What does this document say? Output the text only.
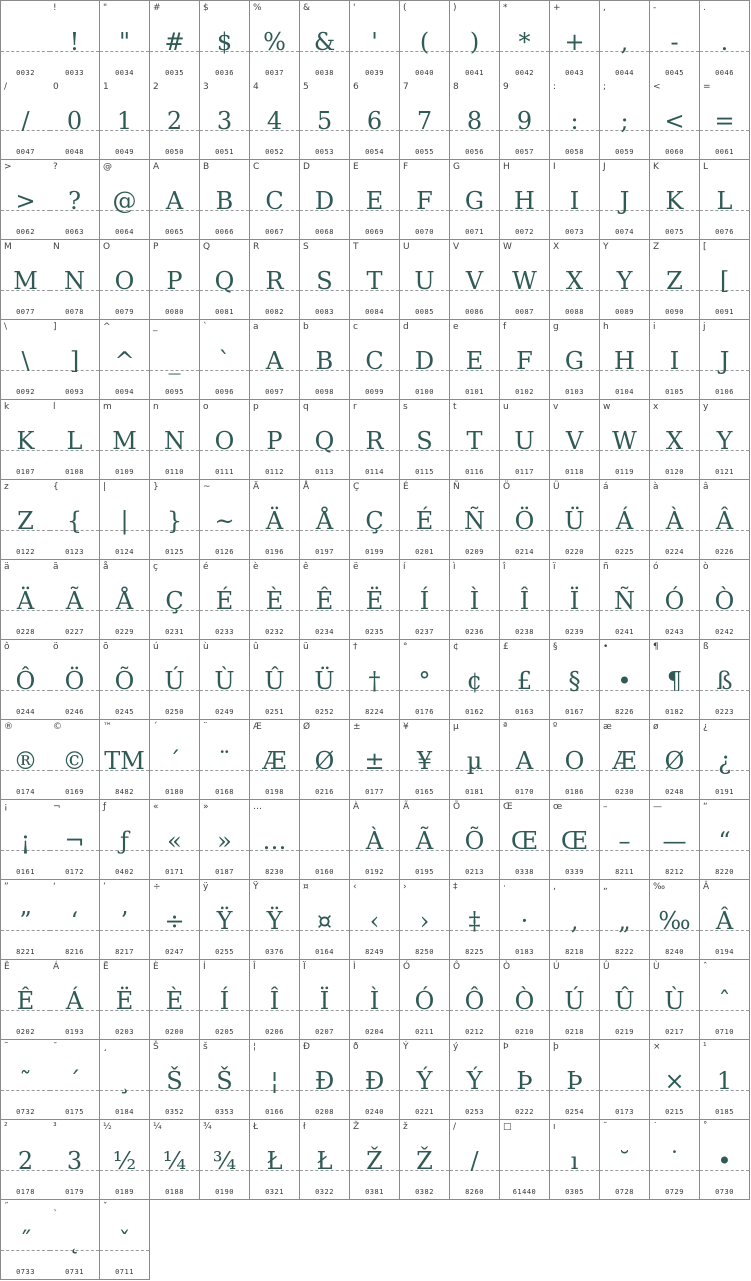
0032
!
!
0033
"
"
0034
#
#
0035
$
$
0036
%
%
0037
&
&
0038
'
'
0039
(
(
0040
)
)
0041
*
*
0042
+
+
0043
,
,
0044
-
-
0045
.
.
0046
/
/
0047
0
0
0048
1
1
0049
2
2
0050
3
3
0051
4
4
0052
5
5
0053
6
6
0054
7
7
0055
8
8
0056
9
9
0057
:
:
0058
;
;
0059
<
<
0060
=
=
0061
>
>
0062
?
?
0063
@
@
0064
A
A
0065
B
B
0066
C
C
0067
D
D
0068
E
E
0069
F
F
0070
G
G
0071
H
H
0072
I
I
0073
J
J
0074
K
K
0075
L
L
0076
M
M
0077
N
N
0078
O
O
0079
P
P
0080
Q
Q
0081
R
R
0082
S
S
0083
T
T
0084
U
U
0085
V
V
0086
W
W
0087
X
X
0088
Y
Y
0089
Z
Z
0090
[
[
0091
\
\
0092
]
]
0093
^
^
0094
_
_
0095
`
`
0096
a
A
0097
b
B
0098
c
C
0099
d
D
0100
e
E
0101
f
F
0102
g
G
0103
h
H
0104
i
I
0105
j
J
0106
k
K
0107
l
L
0108
m
M
0109
n
N
0110
o
O
0111
p
P
0112
q
Q
0113
r
R
0114
s
S
0115
t
T
0116
u
U
0117
v
V
0118
w
W
0119
x
X
0120
y
Y
0121
z
Z
0122
{
{
0123
|
|
0124
}
}
0125
~
~
0126
Ä
Ä
0196
Å
Å
0197
Ç
Ç
0199
É
É
0201
Ñ
Ñ
0209
Ö
Ö
0214
Ü
Ü
0220
á
Á
0225
à
À
0224
â
Â
0226
ä
Ä
0228
ã
Ã
0227
å
Å
0229
ç
Ç
0231
é
É
0233
è
È
0232
ê
Ê
0234
ë
Ë
0235
í
Í
0237
ì
Ì
0236
î
Î
0238
ï
Ï
0239
ñ
Ñ
0241
ó
Ó
0243
ò
Ò
0242
ô
Ô
0244
ö
Ö
0246
õ
Õ
0245
ú
Ú
0250
ù
Ù
0249
û
Û
0251
ü
Ü
0252
†
†
8224
°
°
0176
¢
¢
0162
£
£
0163
§
§
0167
•
•
8226
¶
¶
0182
ß
ß
0223
®
®
0174
©
©
0169
™
TM
8482
´
´
0180
¨
¨
0168
Æ
Æ
0198
Ø
Ø
0216
±
±
0177
¥
¥
0165
µ
µ
0181
ª
A
0170
º
O
0186
æ
Æ
0230
ø
Ø
0248
¿
¿
0191
¡
¡
0161
¬
¬
0172
ƒ
ƒ
0402
«
«
0171
»
»
0187
…
…
8230	0160
À
À
0192
Ã
Ã
0195
Õ
Õ
0213
Œ
Œ
0338
œ
Œ
0339
–
–
8211
—
—
8212
“
“
8220
”
”
8221
‘
‘
8216
’
’
8217
÷
÷
0247
ÿ
Ÿ
0255
Ÿ
Ÿ
0376
¤
¤
0164
‹
‹
8249
›
›
8250
‡
‡
8225
·
·
0183
‚
‚
8218
„
„
8222
‰
‰
8240
Â
Â
0194
Ê
Ê
0202
Á
Á
0193
Ë
Ë
0203
È
È
0200
Í
Í
0205
Î
Î
0206
Ï
Ï
0207
Ì
Ì
0204
Ó
Ó
0211
Ô
Ô
0212
Ò
Ò
0210
Ú
Ú
0218
Û
Û
0219
Ù
Ù
0217
ˆ
ˆ
0710
˜
˜
0732
¯
´
0175
¸
¸
0184
Š
Š
0352
š
Š
0353
¦
¦
0166
Ð
Ð
0208
ð
Ð
0240
Ý
Ý
0221
ý
Ý
0253
Þ
Þ
0222
þ
Þ
0254	0173
×
×
0215
¹
1
0185
²
2
0178
³
3
0179
½
½
0189
¼
¼
0188
¾
¾
0190
Ł
Ł
0321
ł
Ł
0322
Ž
Ž
0381
ž
Ž
0382
/
/
8260
□
61440
ı
ı
0305
˘
˘
0728
˙
˙
0729
˚
•
0730
˝
˝
0733
˛
˛
0731
ˇ
ˇ
0711
